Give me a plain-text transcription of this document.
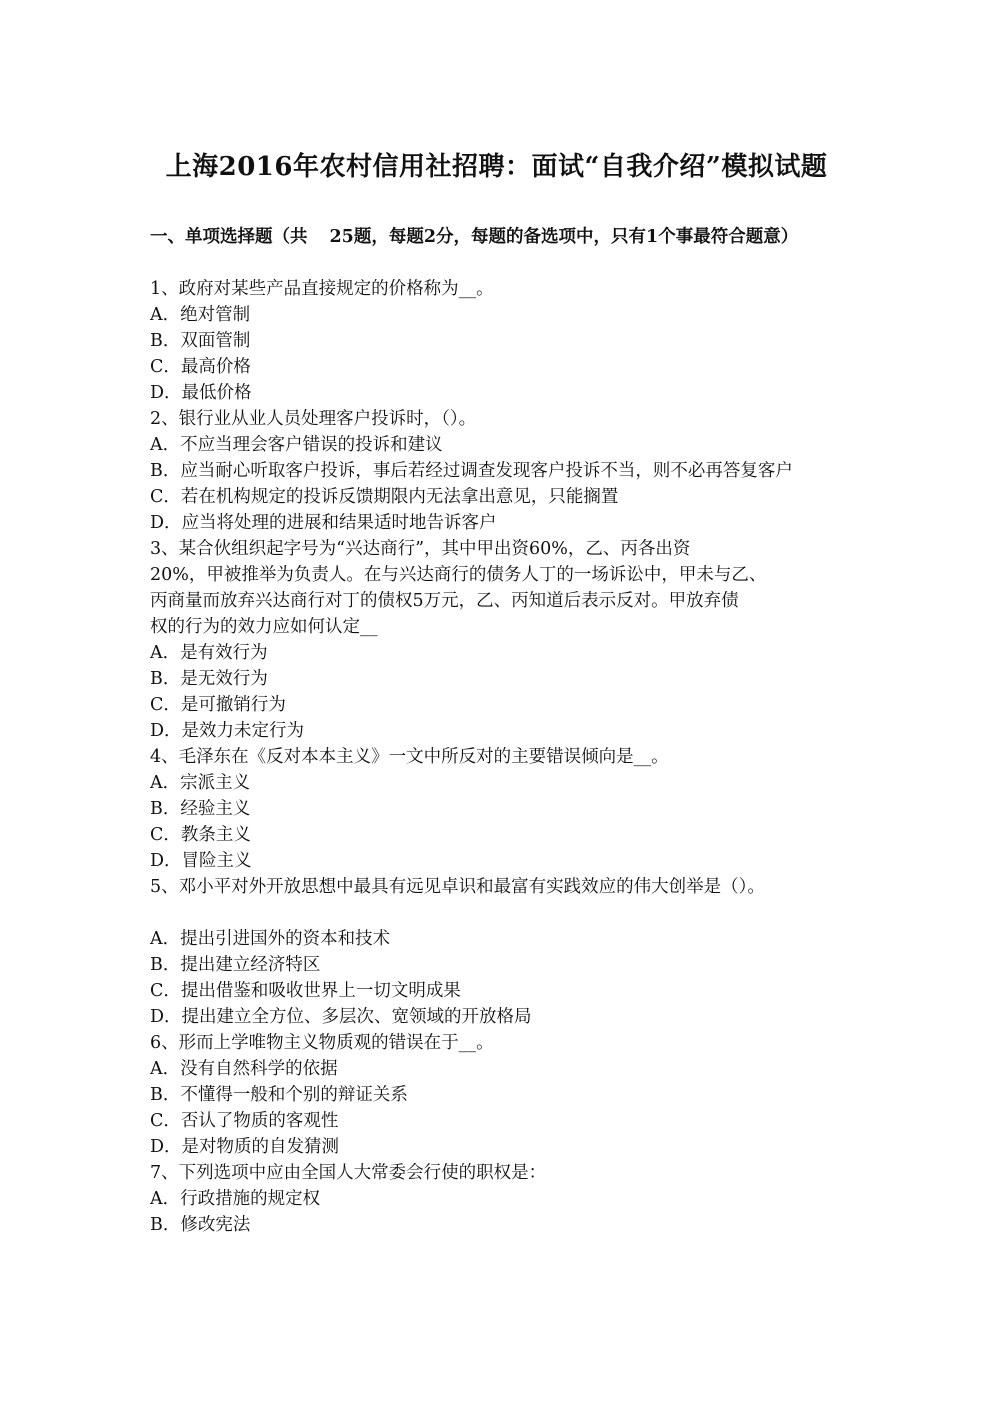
上海2016年农村信用社招聘：面试“自我介绍”模拟试题
一、单项选择题（共 25题，每题2分，每题的备选项中，只有1个事最符合题意）
1、政府对某些产品直接规定的价格称为__。
A．绝对管制
B．双面管制
C．最高价格
D．最低价格
2、银行业从业人员处理客户投诉时，（）。
A．不应当理会客户错误的投诉和建议
B．应当耐心听取客户投诉，事后若经过调查发现客户投诉不当，则不必再答复客户
C．若在机构规定的投诉反馈期限内无法拿出意见，只能搁置
D．应当将处理的进展和结果适时地告诉客户
3、某合伙组织起字号为“兴达商行”，其中甲出资60%，乙、丙各出资
20%，甲被推举为负责人。在与兴达商行的债务人丁的一场诉讼中，甲未与乙、
丙商量而放弃兴达商行对丁的债权5万元，乙、丙知道后表示反对。甲放弃债
权的行为的效力应如何认定__
A．是有效行为
B．是无效行为
C．是可撤销行为
D．是效力未定行为
4、毛泽东在《反对本本主义》一文中所反对的主要错误倾向是__。
A．宗派主义
B．经验主义
C．教条主义
D．冒险主义
5、邓小平对外开放思想中最具有远见卓识和最富有实践效应的伟大创举是（）。
A．提出引进国外的资本和技术
B．提出建立经济特区
C．提出借鉴和吸收世界上一切文明成果
D．提出建立全方位、多层次、宽领域的开放格局
6、形而上学唯物主义物质观的错误在于__。
A．没有自然科学的依据
B．不懂得一般和个别的辩证关系
C．否认了物质的客观性
D．是对物质的自发猜测
7、下列选项中应由全国人大常委会行使的职权是：
A．行政措施的规定权
B．修改宪法
